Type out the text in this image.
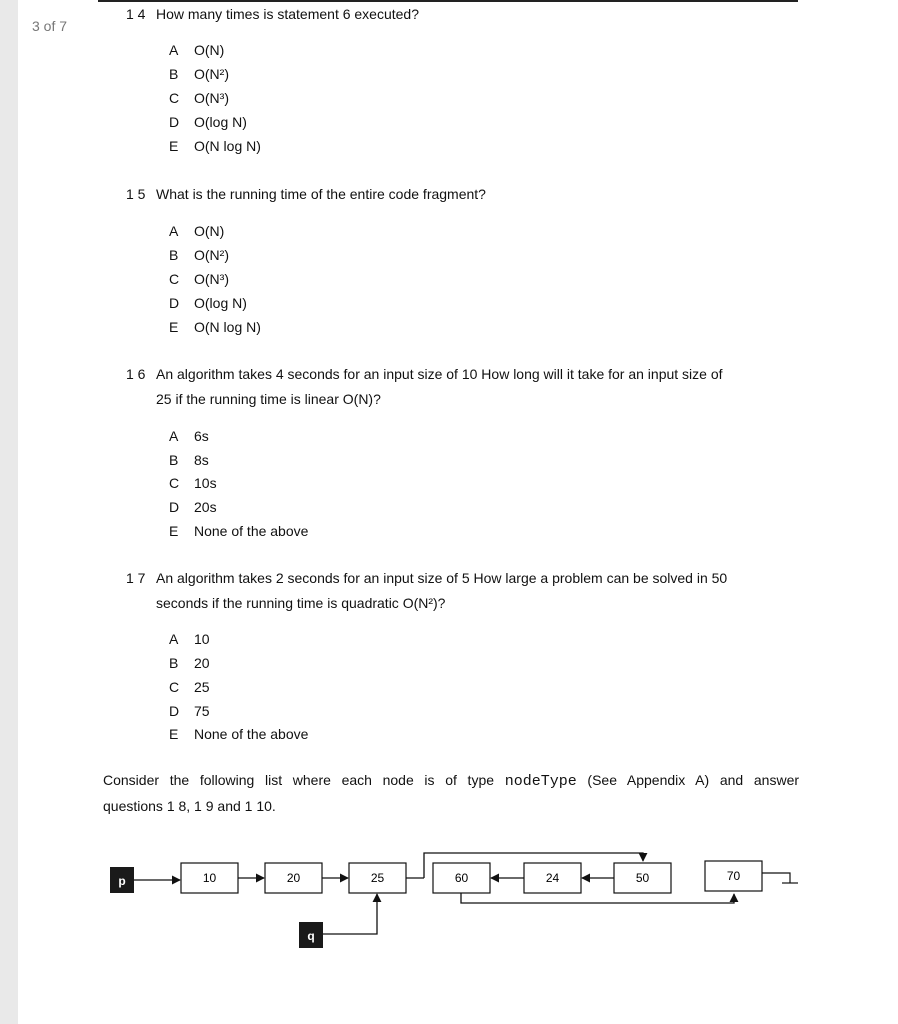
3 of 7
1 4 How many times is statement 6 executed?
A O(N)
B O(N²)
C O(N³)
D O(log N)
E O(N log N)
1 5 What is the running time of the entire code fragment?
A O(N)
B O(N²)
C O(N³)
D O(log N)
E O(N log N)
1 6 An algorithm takes 4 seconds for an input size of 10 How long will it take for an input size of
25 if the running time is linear O(N)?
A 6s
B 8s
C 10s
D 20s
E None of the above
1 7 An algorithm takes 2 seconds for an input size of 5 How large a problem can be solved in 50
seconds if the running time is quadratic O(N²)?
A 10
B 20
C 25
D 75
E None of the above
Consider the following list where each node is of type nodeType (See Appendix A) and answer
questions 1 8, 1 9 and 1 10.
p	10	20	25	60	24	50	70
q
